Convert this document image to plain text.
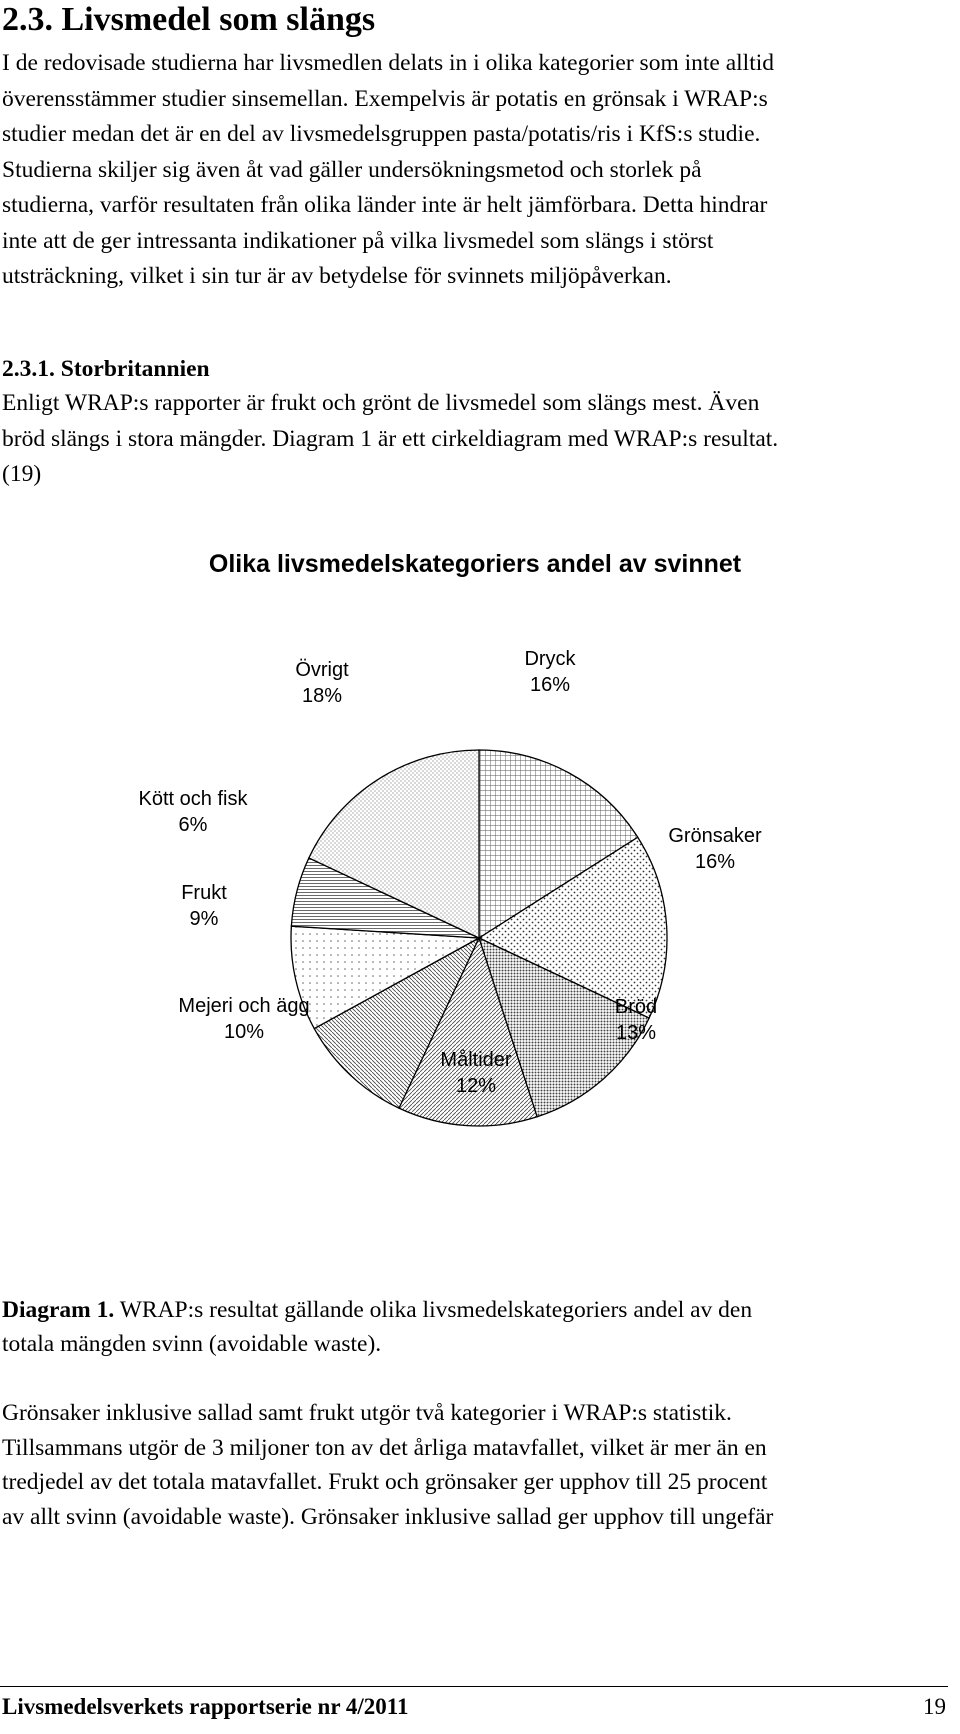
2.3. Livsmedel som slängs

I de redovisade studierna har livsmedlen delats in i olika kategorier som inte alltid
överensstämmer studier sinsemellan. Exempelvis är potatis en grönsak i WRAP:s
studier medan det är en del av livsmedelsgruppen pasta/potatis/ris i KfS:s studie.
Studierna skiljer sig även åt vad gäller undersökningsmetod och storlek på
studierna, varför resultaten från olika länder inte är helt jämförbara. Detta hindrar
inte att de ger intressanta indikationer på vilka livsmedel som slängs i störst
utsträckning, vilket i sin tur är av betydelse för svinnets miljöpåverkan.

2.3.1. Storbritannien

Enligt WRAP:s rapporter är frukt och grönt de livsmedel som slängs mest. Även
bröd slängs i stora mängder. Diagram 1 är ett cirkeldiagram med WRAP:s resultat.
(19)

Olika livsmedelskategoriers andel av svinnet
Dryck
16%
Grönsaker
16%
Bröd
13%
Måltider
12%
Mejeri och ägg
10%
Frukt
9%
Kött och fisk
6%
Övrigt
18%

Diagram 1. WRAP:s resultat gällande olika livsmedelskategoriers andel av den
totala mängden svinn (avoidable waste).

Grönsaker inklusive sallad samt frukt utgör två kategorier i WRAP:s statistik.
Tillsammans utgör de 3 miljoner ton av det årliga matavfallet, vilket är mer än en
tredjedel av det totala matavfallet. Frukt och grönsaker ger upphov till 25 procent
av allt svinn (avoidable waste). Grönsaker inklusive sallad ger upphov till ungefär

Livsmedelsverkets rapportserie nr 4/2011	19
